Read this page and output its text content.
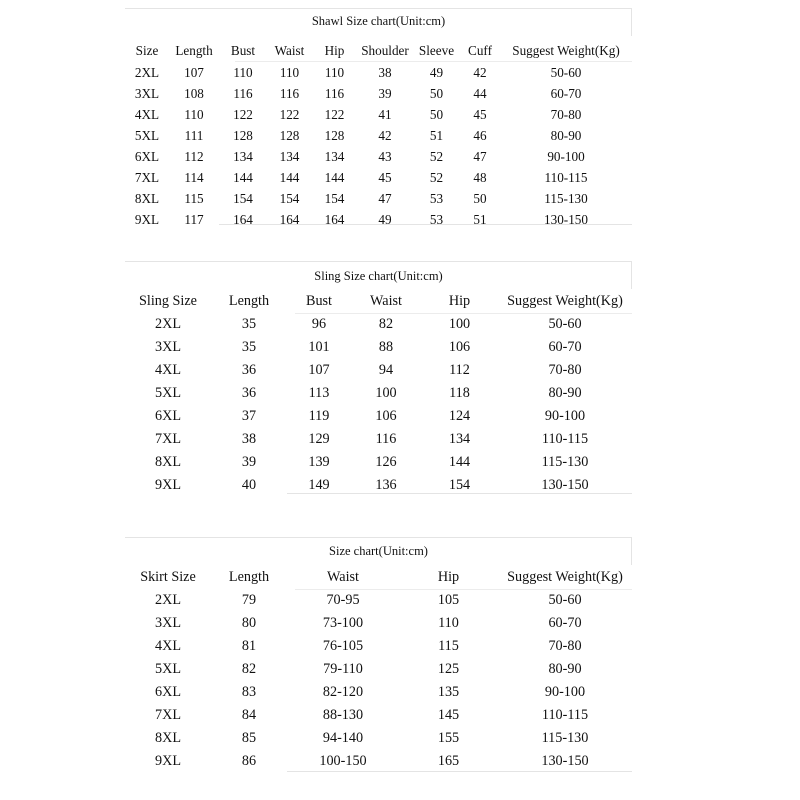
Shawl Size chart(Unit:cm)
Size	Length	Bust	Waist	Hip	Shoulder	Sleeve	Cuff	Suggest Weight(Kg)
2XL	107	110	110	110	38	49	42	50-60
3XL	108	116	116	116	39	50	44	60-70
4XL	110	122	122	122	41	50	45	70-80
5XL	111	128	128	128	42	51	46	80-90
6XL	112	134	134	134	43	52	47	90-100
7XL	114	144	144	144	45	52	48	110-115
8XL	115	154	154	154	47	53	50	115-130
9XL	117	164	164	164	49	53	51	130-150
Sling Size chart(Unit:cm)
Sling Size	Length	Bust	Waist	Hip	Suggest Weight(Kg)
2XL	35	96	82	100	50-60
3XL	35	101	88	106	60-70
4XL	36	107	94	112	70-80
5XL	36	113	100	118	80-90
6XL	37	119	106	124	90-100
7XL	38	129	116	134	110-115
8XL	39	139	126	144	115-130
9XL	40	149	136	154	130-150
Size chart(Unit:cm)
Skirt Size	Length	Waist	Hip	Suggest Weight(Kg)
2XL	79	70-95	105	50-60
3XL	80	73-100	110	60-70
4XL	81	76-105	115	70-80
5XL	82	79-110	125	80-90
6XL	83	82-120	135	90-100
7XL	84	88-130	145	110-115
8XL	85	94-140	155	115-130
9XL	86	100-150	165	130-150
